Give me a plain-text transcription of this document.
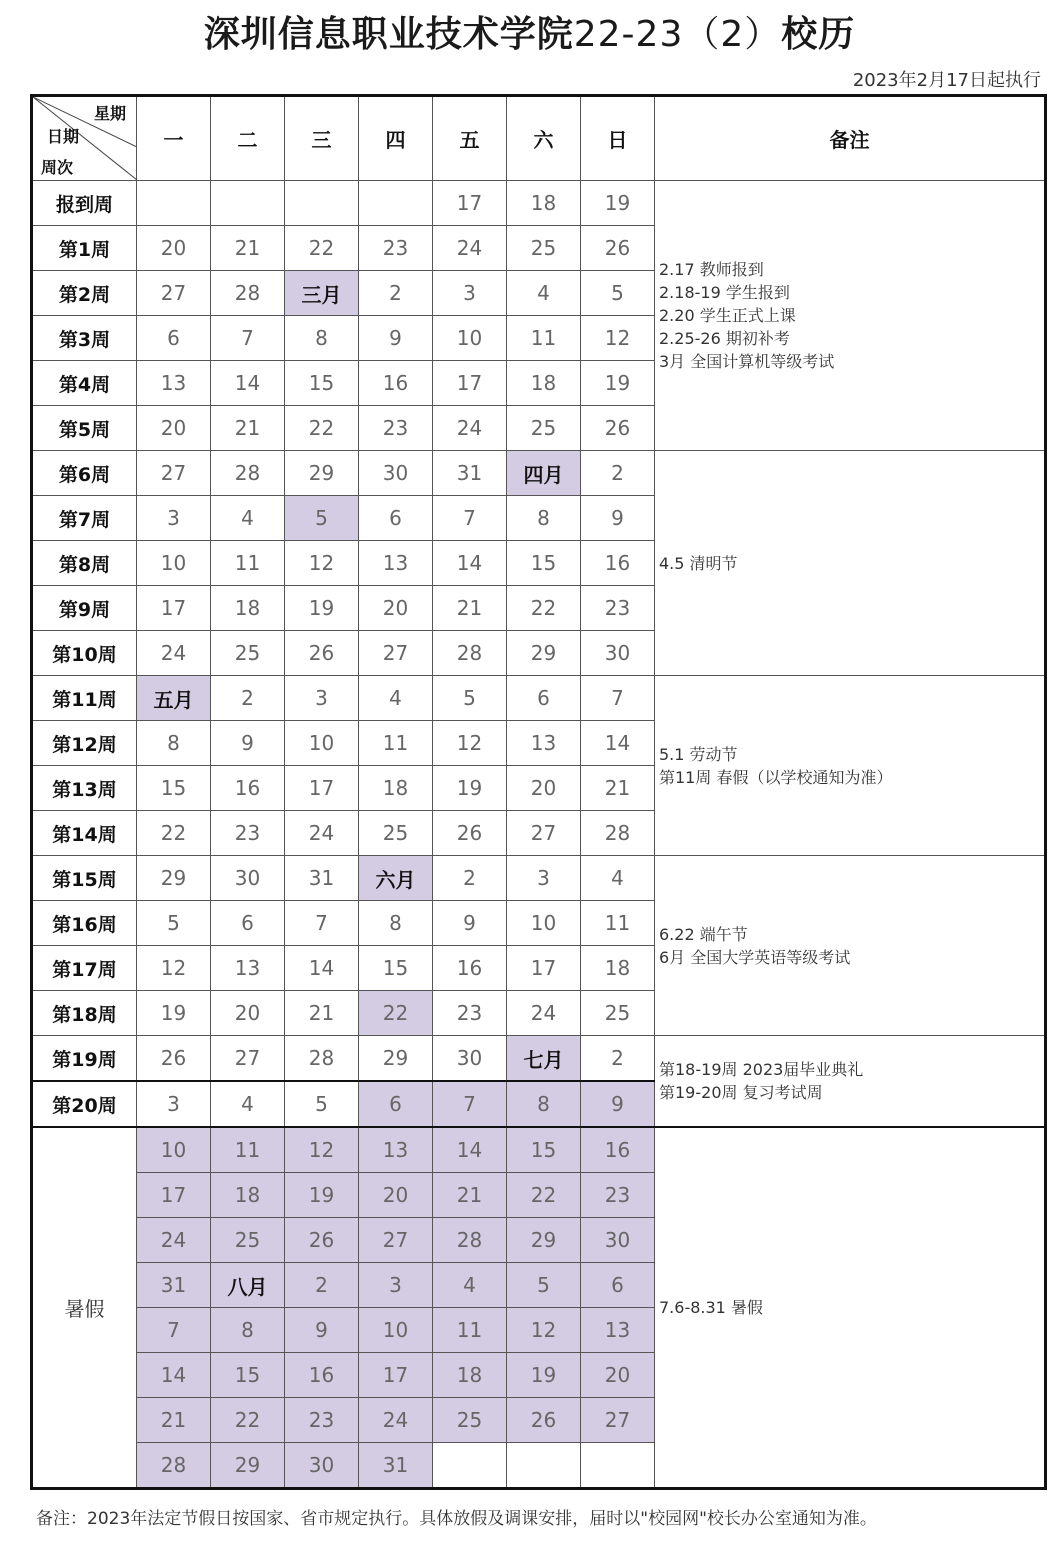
深圳信息职业技术学院22-23（2）校历
2023年2月17日起执行
星期
日期
周次	一	二	三	四	五	六	日	备注
报到周					17	18	19	2.17 教师报到
2.18-19 学生报到
2.20 学生正式上课
2.25-26 期初补考
3月 全国计算机等级考试

第1周	20	21	22	23	24	25	26	
第2周	27	28	三月	2	3	4	5	
第3周	6	7	8	9	10	11	12	
第4周	13	14	15	16	17	18	19	
第5周	20	21	22	23	24	25	26	
第6周	27	28	29	30	31	四月	2	4.5 清明节

第7周	3	4	5	6	7	8	9	
第8周	10	11	12	13	14	15	16	
第9周	17	18	19	20	21	22	23	
第10周	24	25	26	27	28	29	30	
第11周	五月	2	3	4	5	6	7	5.1 劳动节
第11周 春假（以学校通知为准）

第12周	8	9	10	11	12	13	14	
第13周	15	16	17	18	19	20	21	
第14周	22	23	24	25	26	27	28	
第15周	29	30	31	六月	2	3	4	6.22 端午节
6月 全国大学英语等级考试

第16周	5	6	7	8	9	10	11	
第17周	12	13	14	15	16	17	18	
第18周	19	20	21	22	23	24	25	
第19周	26	27	28	29	30	七月	2	第18-19周 2023届毕业典礼
第19-20周 复习考试周

第20周	3	4	5	6	7	8	9	
暑假	10	11	12	13	14	15	16	7.6-8.31 暑假

	17	18	19	20	21	22	23	
	24	25	26	27	28	29	30	
	31	八月	2	3	4	5	6	
	7	8	9	10	11	12	13	
	14	15	16	17	18	19	20	
	21	22	23	24	25	26	27	
	28	29	30	31				
备注：2023年法定节假日按国家、省市规定执行。具体放假及调课安排，届时以"校园网"校长办公室通知为准。
